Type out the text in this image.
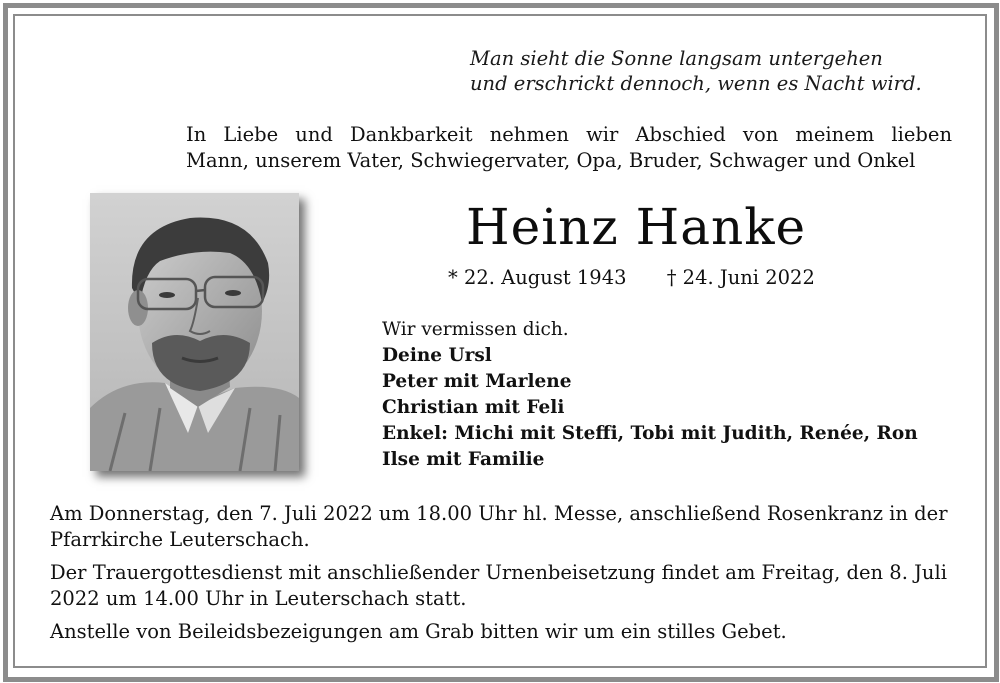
Man sieht die Sonne langsam untergehen
und erschrickt dennoch, wenn es Nacht wird.
In Liebe und Dankbarkeit nehmen wir Abschied von meinem lieben
Mann, unserem Vater, Schwiegervater, Opa, Bruder, Schwager und Onkel
Heinz Hanke
* 22. August 1943 † 24. Juni 2022
Wir vermissen dich.
Deine Ursl
Peter mit Marlene
Christian mit Feli
Enkel: Michi mit Steffi, Tobi mit Judith, Renée, Ron
Ilse mit Familie

Am Donnerstag, den 7. Juli 2022 um 18.00 Uhr hl. Messe, anschließend Rosenkranz in der Pfarrkirche Leuterschach.

Der Trauergottesdienst mit anschließender Urnenbeisetzung findet am Freitag, den 8. Juli 2022 um 14.00 Uhr in Leuterschach statt.

Anstelle von Beileidsbezeigungen am Grab bitten wir um ein stilles Gebet.
